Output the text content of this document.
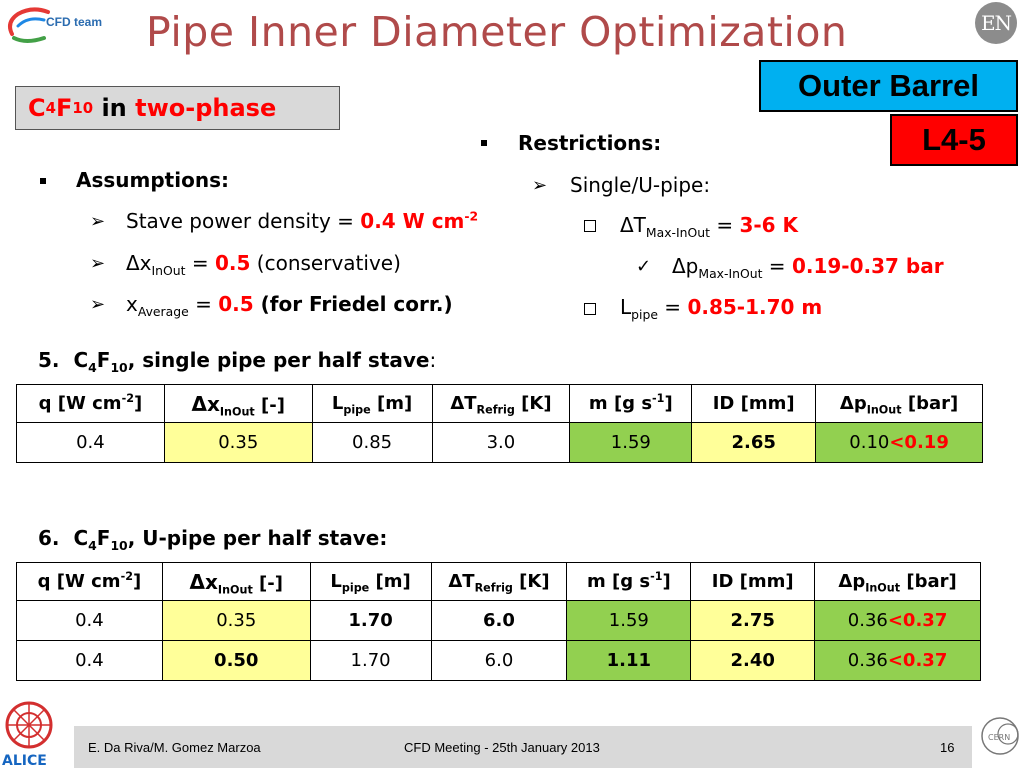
CFD team Pipe Inner Diameter Optimization	EN
Outer Barrel
L4-5
C 4 F 10 in two-phase
Assumptions:
➢ Stave power density = 0.4 W $cm^{-2}$
➢ $\Delta x_{InOut} = 0.5$ (conservative)
➢ $x_{Average} = 0.5$ (for Friedel corr.)
Restrictions:
➢ Single/U-pipe:
$\Delta T_{Max-InOut} = 3-6$ K
✓ $\Delta p_{Max-InOut} = 0.19-0.37$ bar
$L_{pipe} = 0.85-1.70$ m
5. $C_4F_{10}$, single pipe per half stave:
q [W $cm^{-2}$]	$\Delta x_{InOut}$ [-]	$L_{pipe}$ [m]	$\Delta T_{Refrig}$ [K]	m [g $s^{-1}$]	ID [mm]	$\Delta p_{InOut}$ [bar]
0.4	0.35	0.85	3.0	1.59	2.65	0.10<0.19
6. $C_4F_{10}$, U-pipe per half stave:
q [W $cm^{-2}$]	$\Delta x_{InOut}$ [-]	$L_{pipe}$ [m]	$\Delta T_{Refrig}$ [K]	m [g $s^{-1}$]	ID [mm]	$\Delta p_{InOut}$ [bar]
0.4	0.35	1.70	6.0	1.59	2.75	0.36<0.37
0.4	0.50	1.70	6.0	1.11	2.40	0.36<0.37
ALICE
E. Da Riva/M. Gomez Marzoa	CFD Meeting - 25th January 2013	16
CERN
